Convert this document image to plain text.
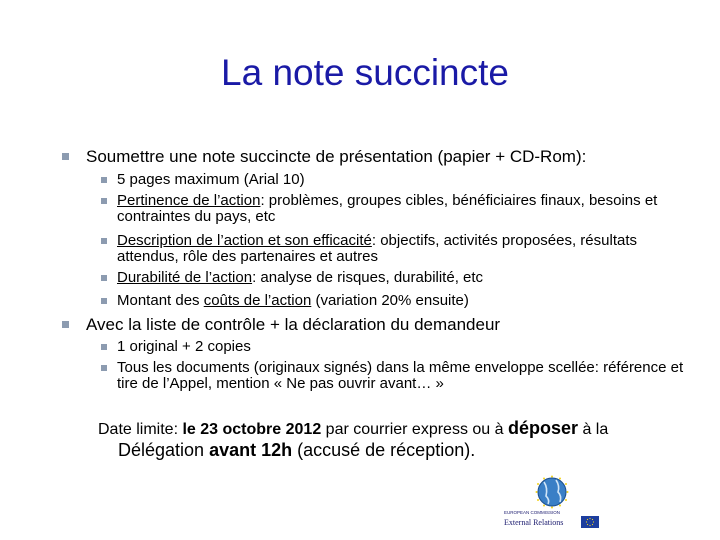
La note succincte
Soumettre une note succincte de présentation (papier + CD-Rom):
5 pages maximum (Arial 10)
Pertinence de l’action: problèmes, groupes cibles, bénéficiaires finaux, besoins et contraintes du pays, etc
Description de l’action et son efficacité: objectifs, activités proposées, résultats attendus, rôle des partenaires et autres
Durabilité de l’action: analyse de risques, durabilité, etc
Montant des coûts de l’action (variation 20% ensuite)
Avec la liste de contrôle + la déclaration du demandeur
1 original + 2 copies
Tous les documents (originaux signés) dans la même enveloppe scellée: référence et tire de l’Appel, mention « Ne pas ouvrir avant… »
Date limite: le 23 octobre 2012 par courrier express ou à déposer à la
Délégation avant 12h (accusé de réception).
EUROPEAN COMMISSION
External Relations
